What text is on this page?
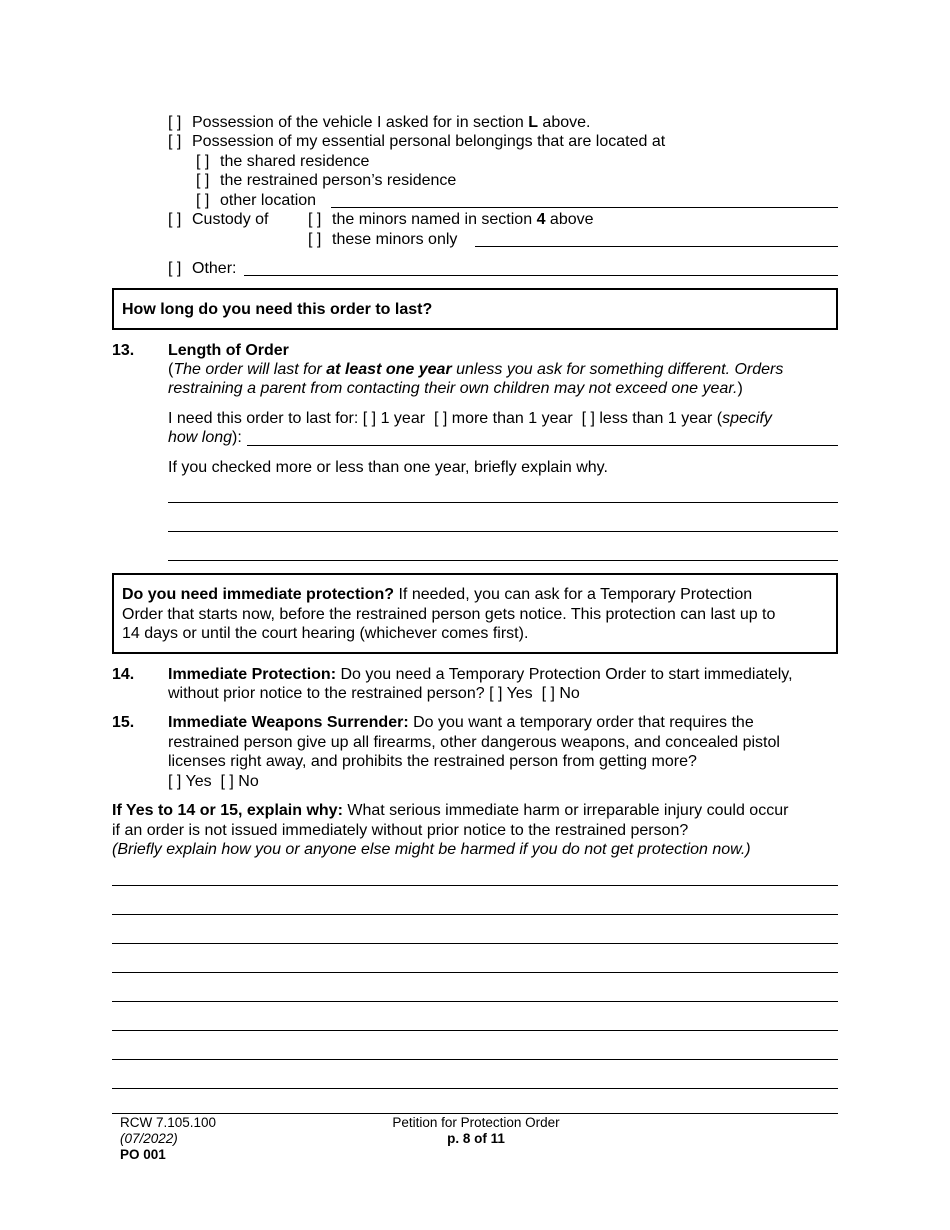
[ ] Possession of the vehicle I asked for in section L above.
[ ] Possession of my essential personal belongings that are located at
[ ] the shared residence
[ ] the restrained person’s residence
[ ] other location
[ ] Custody of [ ] the minors named in section 4 above
[ ] these minors only
[ ] Other:
How long do you need this order to last?
13. Length of Order
(The order will last for at least one year unless you ask for something different. Orders
restraining a parent from contacting their own children may not exceed one year.)
I need this order to last for: [ ] 1 year [ ] more than 1 year [ ] less than 1 year (specify
how long):
If you checked more or less than one year, briefly explain why.
Do you need immediate protection? If needed, you can ask for a Temporary Protection
Order that starts now, before the restrained person gets notice. This protection can last up to
14 days or until the court hearing (whichever comes first).
14. Immediate Protection: Do you need a Temporary Protection Order to start immediately,
without prior notice to the restrained person? [ ] Yes [ ] No
15. Immediate Weapons Surrender: Do you want a temporary order that requires the
restrained person give up all firearms, other dangerous weapons, and concealed pistol
licenses right away, and prohibits the restrained person from getting more?
[ ] Yes [ ] No
If Yes to 14 or 15, explain why: What serious immediate harm or irreparable injury could occur
if an order is not issued immediately without prior notice to the restrained person?
(Briefly explain how you or anyone else might be harmed if you do not get protection now.)
RCW 7.105.100
(07/2022)
PO 001
Petition for Protection Order
p. 8 of 11
